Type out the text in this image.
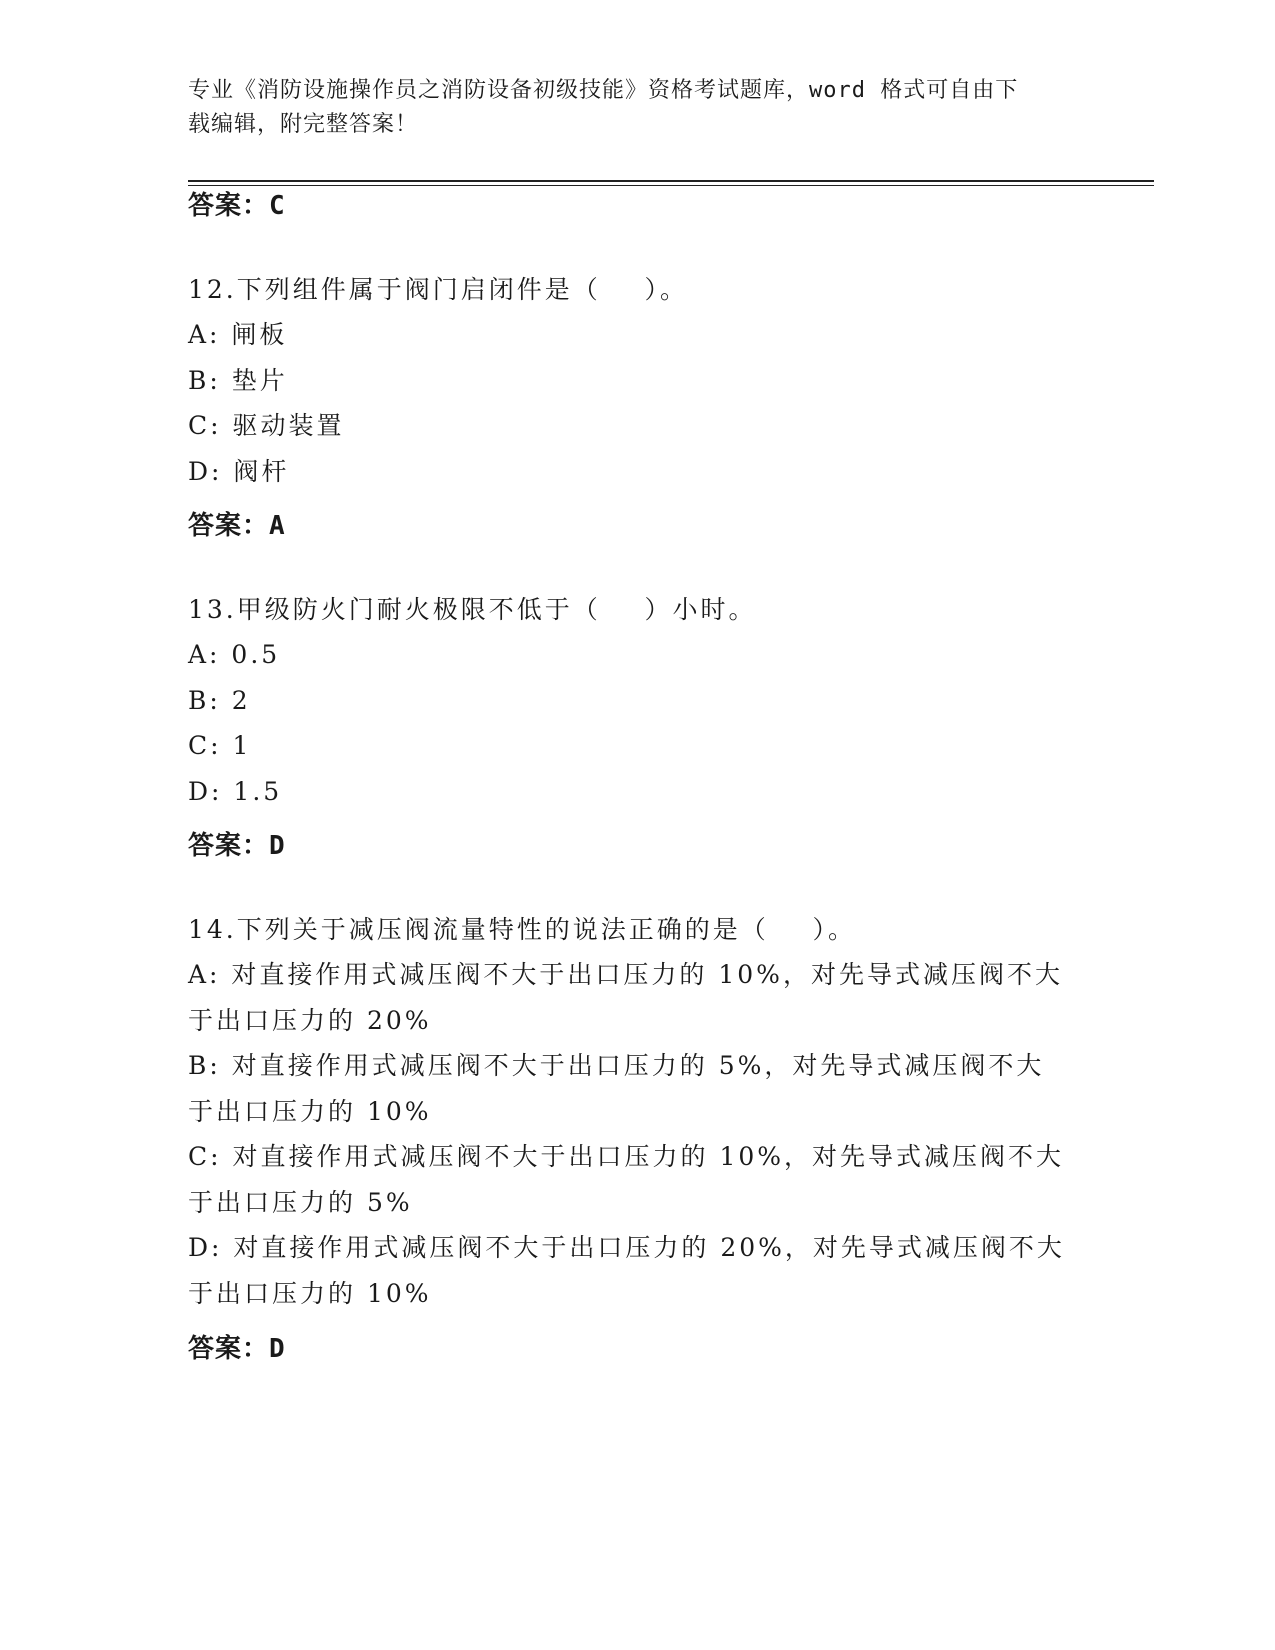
专业《消防设施操作员之消防设备初级技能》资格考试题库，word 格式可自由下
载编辑，附完整答案！
答案：C

12.下列组件属于阀门启闭件是（    ）。

A: 闸板

B: 垫片

C: 驱动装置

D: 阀杆

答案：A

13.甲级防火门耐火极限不低于（    ）小时。

A: 0.5

B: 2

C: 1

D: 1.5

答案：D

14.下列关于减压阀流量特性的说法正确的是（    ）。

A: 对直接作用式减压阀不大于出口压力的 10%，对先导式减压阀不大于出口压力的 20%

B: 对直接作用式减压阀不大于出口压力的 5%，对先导式减压阀不大于出口压力的 10%

C: 对直接作用式减压阀不大于出口压力的 10%，对先导式减压阀不大于出口压力的 5%

D: 对直接作用式减压阀不大于出口压力的 20%，对先导式减压阀不大于出口压力的 10%

答案：D
